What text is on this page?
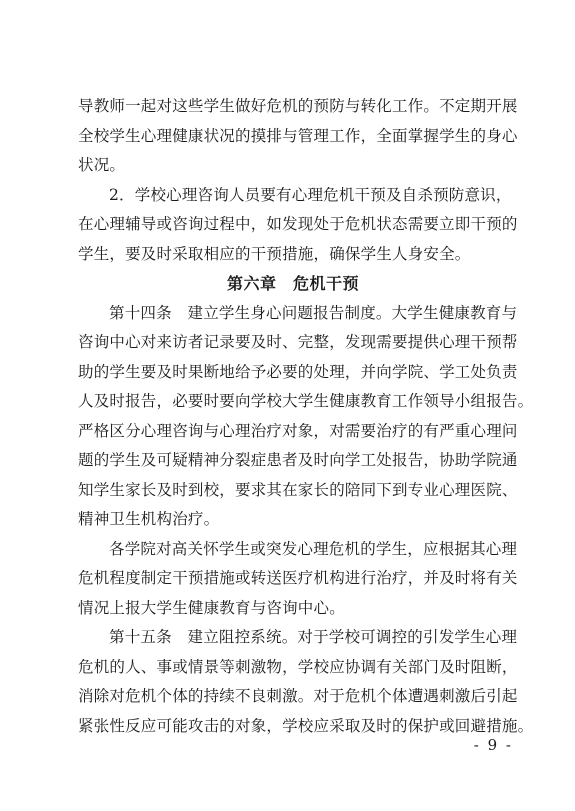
导教师一起对这些学生做好危机的预防与转化工作。不定期开展
全校学生心理健康状况的摸排与管理工作，全面掌握学生的身心
状况。
2．学校心理咨询人员要有心理危机干预及自杀预防意识，
在心理辅导或咨询过程中，如发现处于危机状态需要立即干预的
学生，要及时采取相应的干预措施，确保学生人身安全。
第六章　危机干预
第十四条　建立学生身心问题报告制度。大学生健康教育与
咨询中心对来访者记录要及时、完整，发现需要提供心理干预帮
助的学生要及时果断地给予必要的处理，并向学院、学工处负责
人及时报告，必要时要向学校大学生健康教育工作领导小组报告。
严格区分心理咨询与心理治疗对象，对需要治疗的有严重心理问
题的学生及可疑精神分裂症患者及时向学工处报告，协助学院通
知学生家长及时到校，要求其在家长的陪同下到专业心理医院、
精神卫生机构治疗。
各学院对高关怀学生或突发心理危机的学生，应根据其心理
危机程度制定干预措施或转送医疗机构进行治疗，并及时将有关
情况上报大学生健康教育与咨询中心。
第十五条　建立阻控系统。对于学校可调控的引发学生心理
危机的人、事或情景等刺激物，学校应协调有关部门及时阻断，
消除对危机个体的持续不良刺激。对于危机个体遭遇刺激后引起
紧张性反应可能攻击的对象，学校应采取及时的保护或回避措施。
- 9 -
